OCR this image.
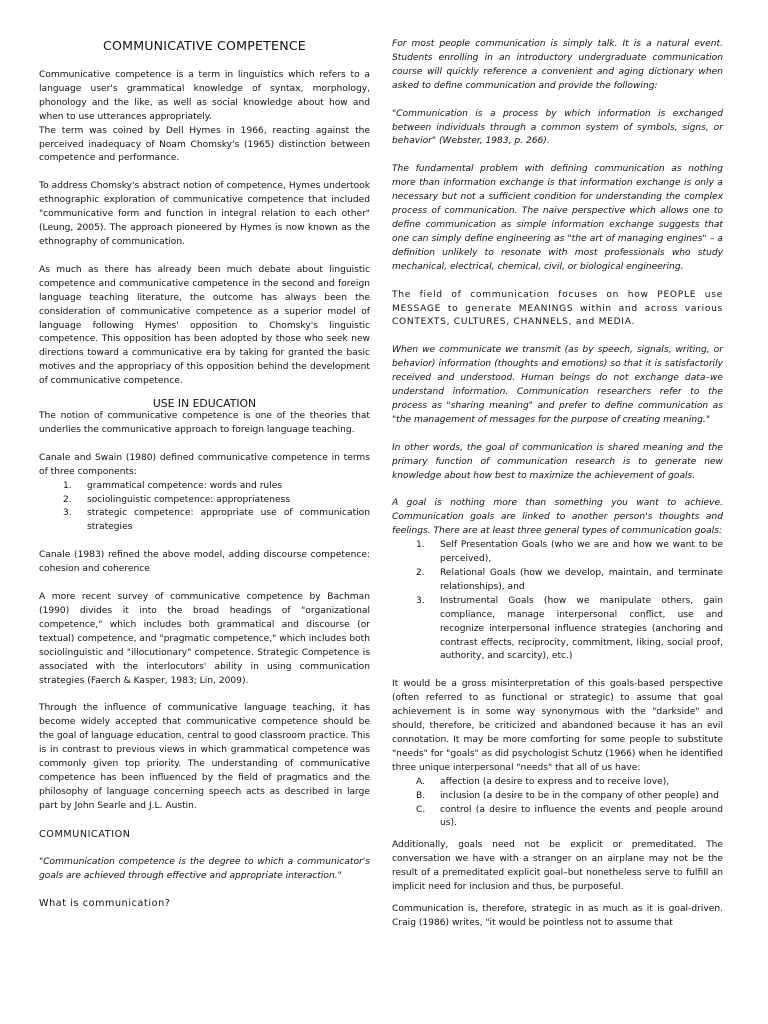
COMMUNICATIVE COMPETENCE

Communicative competence is a term in linguistics which refers to a language user's grammatical knowledge of syntax, morphology, phonology and the like, as well as social knowledge about how and when to use utterances appropriately.

The term was coined by Dell Hymes in 1966, reacting against the perceived inadequacy of Noam Chomsky's (1965) distinction between competence and performance.

To address Chomsky's abstract notion of competence, Hymes undertook ethnographic exploration of communicative competence that included "communicative form and function in integral relation to each other" (Leung, 2005). The approach pioneered by Hymes is now known as the ethnography of communication.

As much as there has already been much debate about linguistic competence and communicative competence in the second and foreign language teaching literature, the outcome has always been the consideration of communicative competence as a superior model of language following Hymes' opposition to Chomsky's linguistic competence. This opposition has been adopted by those who seek new directions toward a communicative era by taking for granted the basic motives and the appropriacy of this opposition behind the development of communicative competence.

USE IN EDUCATION

The notion of communicative competence is one of the theories that underlies the communicative approach to foreign language teaching.

Canale and Swain (1980) defined communicative competence in terms of three components:

1. grammatical competence: words and rules
2. sociolinguistic competence: appropriateness
3. strategic competence: appropriate use of communication strategies

Canale (1983) refined the above model, adding discourse competence: cohesion and coherence

A more recent survey of communicative competence by Bachman (1990) divides it into the broad headings of "organizational competence," which includes both grammatical and discourse (or textual) competence, and "pragmatic competence," which includes both sociolinguistic and "illocutionary" competence. Strategic Competence is associated with the interlocutors' ability in using communication strategies (Faerch & Kasper, 1983; Lin, 2009).

Through the influence of communicative language teaching, it has become widely accepted that communicative competence should be the goal of language education, central to good classroom practice. This is in contrast to previous views in which grammatical competence was commonly given top priority. The understanding of communicative competence has been influenced by the field of pragmatics and the philosophy of language concerning speech acts as described in large part by John Searle and J.L. Austin.

COMMUNICATION

"Communication competence is the degree to which a communicator's goals are achieved through effective and appropriate interaction."

What is communication?

For most people communication is simply talk. It is a natural event. Students enrolling in an introductory undergraduate communication course will quickly reference a convenient and aging dictionary when asked to define communication and provide the following:

"Communication is a process by which information is exchanged between individuals through a common system of symbols, signs, or behavior" (Webster, 1983, p. 266).

The fundamental problem with defining communication as nothing more than information exchange is that information exchange is only a necessary but not a sufficient condition for understanding the complex process of communication. The naive perspective which allows one to define communication as simple information exchange suggests that one can simply define engineering as "the art of managing engines" – a definition unlikely to resonate with most professionals who study mechanical, electrical, chemical, civil, or biological engineering.

The field of communication focuses on how PEOPLE use MESSAGE to generate MEANINGS within and across various CONTEXTS, CULTURES, CHANNELS, and MEDIA.

When we communicate we transmit (as by speech, signals, writing, or behavior) information (thoughts and emotions) so that it is satisfactorily received and understood. Human beings do not exchange data–we understand information. Communication researchers refer to the process as "sharing meaning" and prefer to define communication as "the management of messages for the purpose of creating meaning."

In other words, the goal of communication is shared meaning and the primary function of communication research is to generate new knowledge about how best to maximize the achievement of goals.

A goal is nothing more than something you want to achieve. Communication goals are linked to another person's thoughts and feelings. There are at least three general types of communication goals:

1. Self Presentation Goals (who we are and how we want to be perceived),
2. Relational Goals (how we develop, maintain, and terminate relationships), and
3. Instrumental Goals (how we manipulate others, gain compliance, manage interpersonal conflict, use and recognize interpersonal influence strategies (anchoring and contrast effects, reciprocity, commitment, liking, social proof, authority, and scarcity), etc.)

It would be a gross misinterpretation of this goals-based perspective (often referred to as functional or strategic) to assume that goal achievement is in some way synonymous with the "darkside" and should, therefore, be criticized and abandoned because it has an evil connotation. It may be more comforting for some people to substitute "needs" for "goals" as did psychologist Schutz (1966) when he identified three unique interpersonal "needs" that all of us have:

A. affection (a desire to express and to receive love),
B. inclusion (a desire to be in the company of other people) and
C. control (a desire to influence the events and people around us).

Additionally, goals need not be explicit or premeditated. The conversation we have with a stranger on an airplane may not be the result of a premeditated explicit goal–but nonetheless serve to fulfill an implicit need for inclusion and thus, be purposeful.

Communication is, therefore, strategic in as much as it is goal-driven. Craig (1986) writes, "it would be pointless not to assume that
